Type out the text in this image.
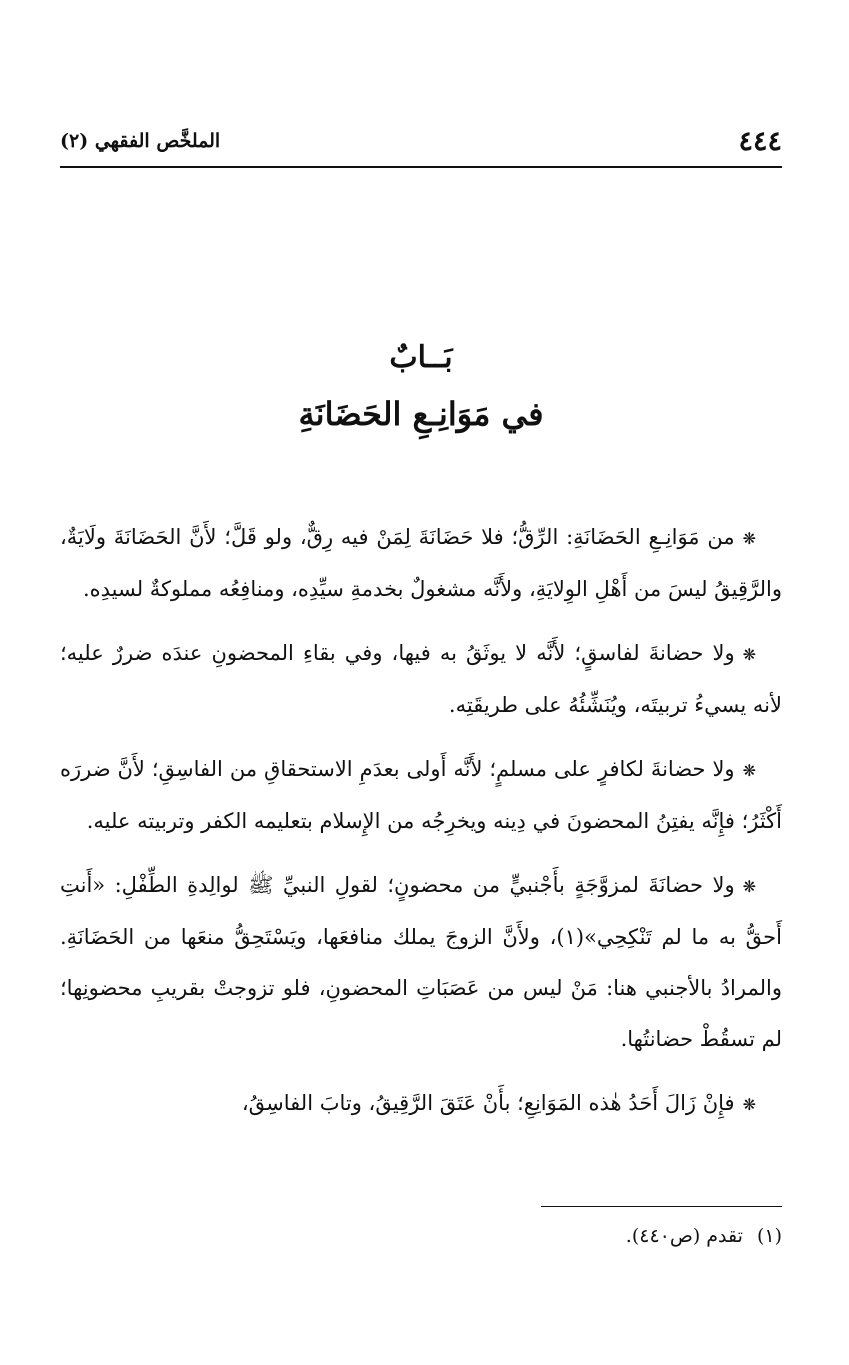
٤٤٤
الملخَّص الفقهي (٢)
بَــابٌ
في مَوَانِـعِ الحَضَانَةِ

❋من مَوَانِـعِ الحَضَانَةِ: الرِّقُّ؛ فلا حَضَانَةَ لِمَنْ فيه رِقٌّ، ولو قَلَّ؛ لأَنَّ الحَضَانَةَ ولَايَةٌ، والرَّقِيقُ ليسَ من أَهْلِ الوِلايَةِ، ولأَنَّه مشغولٌ بخدمةِ سيِّدِه، ومنافِعُه مملوكةٌ لسيدِه.

❋ولا حضانةَ لفاسقٍ؛ لأَنَّه لا يوثَقُ به فيها، وفي بقاءِ المحضونِ عندَه ضررٌ عليه؛ لأنه يسيءُ تربيتَه، ويُنَشِّئُهُ على طريقَتِه.

❋ولا حضانةَ لكافرٍ على مسلمٍ؛ لأَنَّه أَولى بعدَمِ الاستحقاقِ من الفاسِقِ؛ لأَنَّ ضررَه أَكْثَرُ؛ فإِنَّه يفتِنُ المحضونَ في دِينه ويخرِجُه من الإِسلام بتعليمه الكفر وتربيته عليه.

❋ولا حضانَةَ لمزوَّجَةٍ بأَجْنبيٍّ من محضونٍ؛ لقولِ النبيِّ ﷺ لوالِدةِ الطِّفْلِ: «أَنتِ أَحقُّ به ما لم تَنْكِحِي»(١)، ولأَنَّ الزوجَ يملك منافعَها، ويَسْتَحِقُّ منعَها من الحَضَانَةِ. والمرادُ بالأجنبي هنا: مَنْ ليس من عَصَبَاتِ المحضونِ، فلو تزوجتْ بقريبِ محضونِها؛ لم تسقُطْ حضانتُها.

❋فإِنْ زَالَ أَحَدُ هٰذه المَوَانِعِ؛ بأَنْ عَتَقَ الرَّقِيقُ، وتابَ الفاسِقُ،

(١)تقدم (ص٤٤٠).
